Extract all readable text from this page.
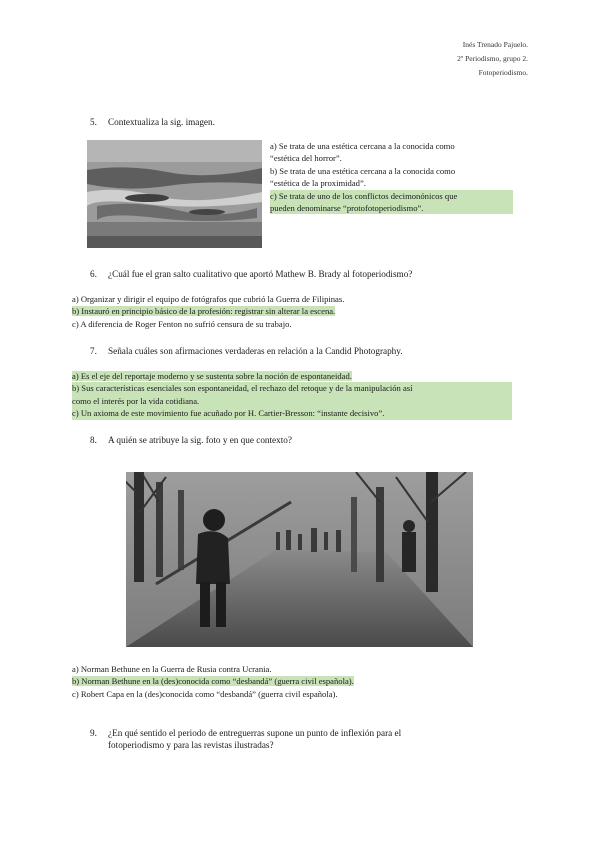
Inés Trenado Pajuelo.
2º Periodismo, grupo 2.
Fotoperiodismo.
5. Contextualiza la sig. imagen.
a) Se trata de una estética cercana a la conocida como
“estética del horror”.
b) Se trata de una estética cercana a la conocida como
“estética de la proximidad”.
c) Se trata de uno de los conflictos decimonónicos que
pueden denominarse “protofotoperiodismo”.
6. ¿Cuál fue el gran salto cualitativo que aportó Mathew B. Brady al fotoperiodismo?
a) Organizar y dirigir el equipo de fotógrafos que cubrió la Guerra de Filipinas.
b) Instauró en principio básico de la profesión: registrar sin alterar la escena.
c) A diferencia de Roger Fenton no sufrió censura de su trabajo.
7. Señala cuáles son afirmaciones verdaderas en relación a la Candid Photography.
a) Es el eje del reportaje moderno y se sustenta sobre la noción de espontaneidad.
b) Sus características esenciales son espontaneidad, el rechazo del retoque y de la manipulación así
como el interés por la vida cotidiana.
c) Un axioma de este movimiento fue acuñado por H. Cartier-Bresson: “instante decisivo”.
8. A quién se atribuye la sig. foto y en que contexto?
a) Norman Bethune en la Guerra de Rusia contra Ucrania.
b) Norman Bethune en la (des)conocida como “desbandá” (guerra civil española).
c) Robert Capa en la (des)conocida como “desbandá” (guerra civil española).
9. ¿En qué sentido el periodo de entreguerras supone un punto de inflexión para el
fotoperiodismo y para las revistas ilustradas?
